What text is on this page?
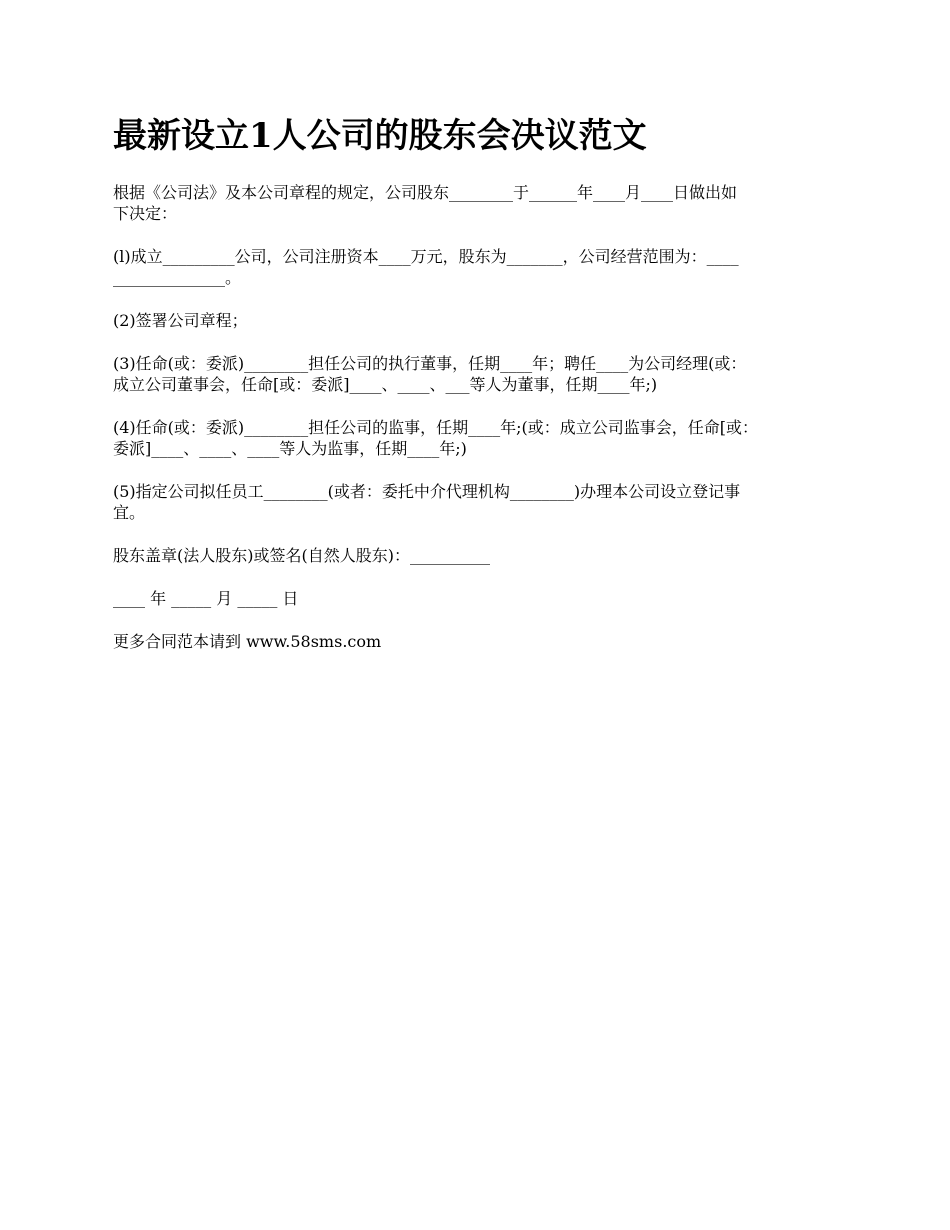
最新设立1人公司的股东会决议范文

根据《公司法》及本公司章程的规定，公司股东________于______年____月____日做出如
下决定：

(l)成立_________公司，公司注册资本____万元，股东为_______，公司经营范围为：____
______________。

(2)签署公司章程；

(3)任命(或：委派)________担任公司的执行董事，任期____年；聘任____为公司经理(或：
成立公司董事会，任命[或：委派]____、____、___等人为董事，任期____年;)

(4)任命(或：委派)________担任公司的监事，任期____年;(或：成立公司监事会，任命[或：
委派]____、____、____等人为监事，任期____年;)

(5)指定公司拟任员工________(或者：委托中介代理机构________)办理本公司设立登记事
宜。

股东盖章(法人股东)或签名(自然人股东)：__________

____ 年 _____ 月 _____ 日

更多合同范本请到 www.58sms.com
